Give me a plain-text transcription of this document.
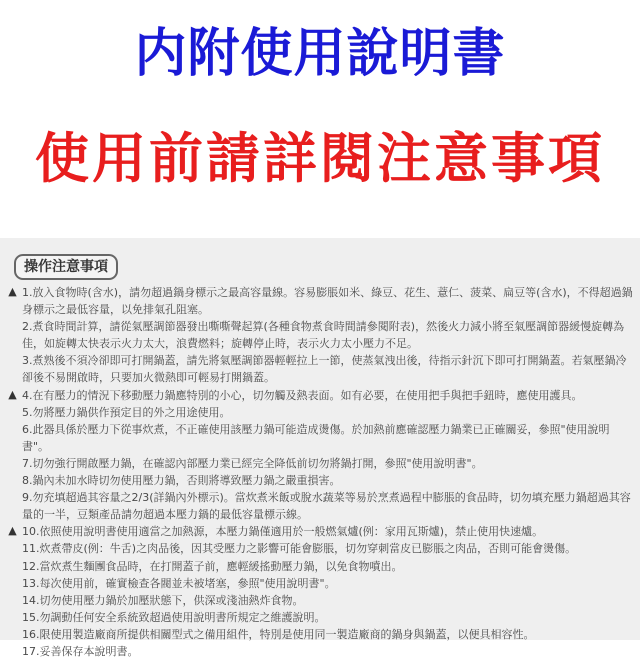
内附使用說明書
使用前請詳閱注意事項
操作注意事項
▲ 1.放入食物時(含水)，請勿超過鍋身標示之最高容量線。容易膨脹如米、綠豆、花生、薏仁、菠菜、扁豆等(含水)，不得超過鍋身標示之最低容量，以免排氣孔阻塞。
2.煮食時間計算，請從氣壓調節器發出嘶嘶聲起算(各種食物煮食時間請參閱附表)，然後火力減小將至氣壓調節器緩慢旋轉為佳，如旋轉太快表示火力太大，浪費燃料；旋轉停止時，表示火力太小壓力不足。
3.煮熟後不須冷卻即可打開鍋蓋，請先將氣壓調節器輕輕拉上一節，使蒸氣洩出後，待指示針沉下即可打開鍋蓋。若氣壓鍋冷卻後不易開啟時，只要加火微熱即可輕易打開鍋蓋。
▲ 4.在有壓力的情況下移動壓力鍋應特別的小心，切勿觸及熱表面。如有必要，在使用把手與把手鈕時，應使用護具。
5.勿將壓力鍋供作預定目的外之用途使用。
6.此器具係於壓力下從事炊煮，不正確使用該壓力鍋可能造成燙傷。於加熱前應確認壓力鍋業已正確關妥，參照"使用說明書"。
7.切勿強行開啟壓力鍋，在確認內部壓力業已經完全降低前切勿將鍋打開，參照"使用說明書"。
8.鍋內未加水時切勿使用壓力鍋，否則將導致壓力鍋之嚴重損害。
9.勿充填超過其容量之2/3(詳鍋內外標示)。當炊煮米飯或脫水蔬菜等易於烹煮過程中膨脹的食品時，切勿填充壓力鍋超過其容量的一半，豆類產品請勿超過本壓力鍋的最低容量標示線。
▲ 10.依照使用說明書使用適當之加熱源，本壓力鍋僅適用於一般燃氣爐(例：家用瓦斯爐)，禁止使用快速爐。
11.炊煮帶皮(例：牛舌)之肉品後，因其受壓力之影響可能會膨脹，切勿穿刺當皮已膨脹之肉品，否則可能會燙傷。
12.當炊煮生麵團食品時，在打開蓋子前，應輕緩搖動壓力鍋，以免食物噴出。
13.每次使用前，確實檢查各閥並未被堵塞，參照"使用說明書"。
14.切勿使用壓力鍋於加壓狀態下，供深或淺油熱炸食物。
15.勿調動任何安全系統致超過使用說明書所規定之維護說明。
16.限使用製造廠商所提供相關型式之備用組件，特別是使用同一製造廠商的鍋身與鍋蓋，以便具相容性。
17.妥善保存本說明書。
